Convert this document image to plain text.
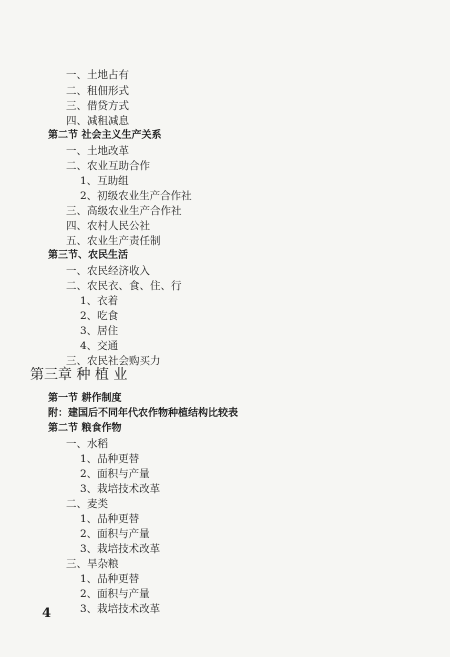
一、土地占有
二、租佃形式
三、借贷方式
四、减租减息
第二节 社会主义生产关系
一、土地改革
二、农业互助合作
1、互助组
2、初级农业生产合作社
三、高级农业生产合作社
四、农村人民公社
五、农业生产责任制
第三节、农民生活
一、农民经济收入
二、农民衣、食、住、行
1、衣着
2、吃食
3、居住
4、交通
三、农民社会购买力
第三章 种 植 业
第一节 耕作制度
附：建国后不同年代农作物种植结构比较表
第二节 粮食作物
一、水稻
1、品种更替
2、面积与产量
3、栽培技术改革
二、麦类
1、品种更替
2、面积与产量
3、栽培技术改革
三、旱杂粮
1、品种更替
2、面积与产量
3、栽培技术改革
4
